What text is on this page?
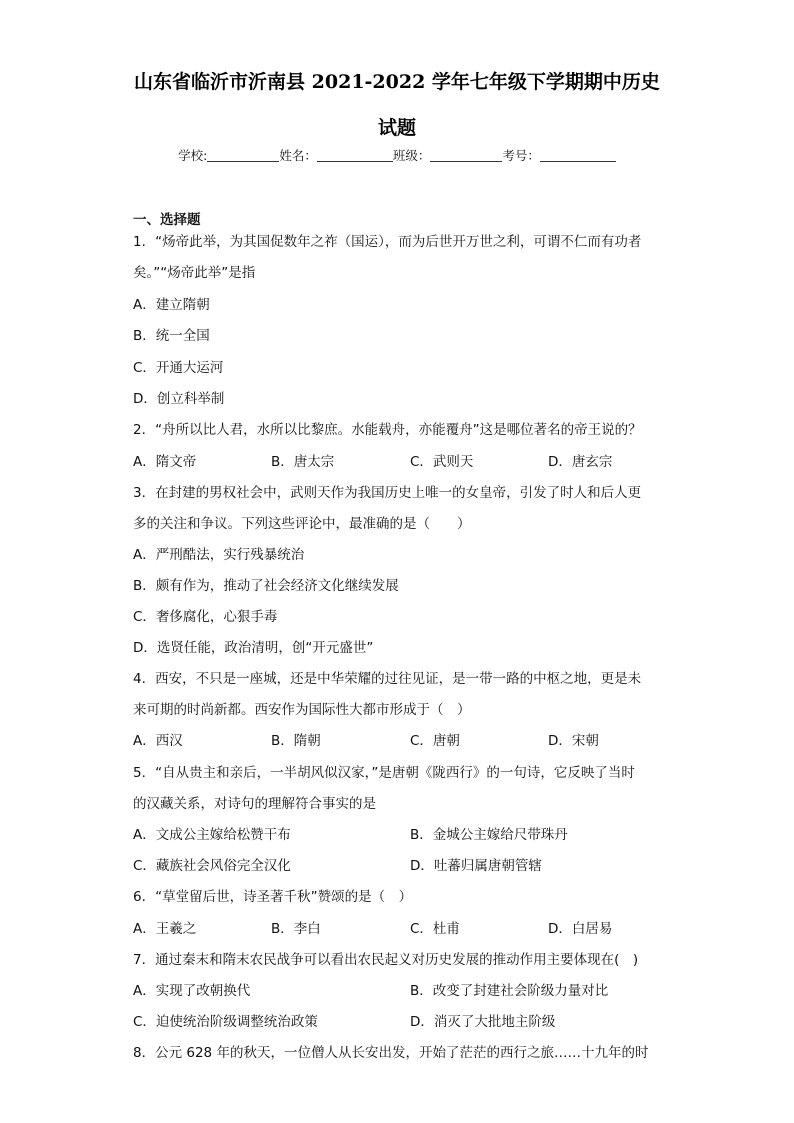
山东省临沂市沂南县 2021-2022 学年七年级下学期期中历史
试题
学校:	姓名：	班级：	考号：
一、选择题
1．“炀帝此举，为其国促数年之祚（国运），而为后世开万世之利，可谓不仁而有功者
矣。”“炀帝此举”是指
A．建立隋朝
B．统一全国
C．开通大运河
D．创立科举制
2．“舟所以比人君，水所以比黎庶。水能载舟，亦能覆舟”这是哪位著名的帝王说的？
A．隋文帝	B．唐太宗	C．武则天	D．唐玄宗
3．在封建的男权社会中，武则天作为我国历史上唯一的女皇帝，引发了时人和后人更
多的关注和争议。下列这些评论中，最准确的是（　　）
A．严刑酷法，实行残暴统治
B．颇有作为，推动了社会经济文化继续发展
C．奢侈腐化，心狠手毒
D．选贤任能，政治清明，创“开元盛世”
4．西安，不只是一座城，还是中华荣耀的过往见证，是一带一路的中枢之地，更是未
来可期的时尚新都。西安作为国际性大都市形成于（　）
A．西汉	B．隋朝	C．唐朝	D．宋朝
5．“自从贵主和亲后，一半胡风似汉家，”是唐朝《陇西行》的一句诗，它反映了当时
的汉藏关系，对诗句的理解符合事实的是
A．文成公主嫁给松赞干布	B．金城公主嫁给尺带珠丹
C．藏族社会风俗完全汉化	D．吐蕃归属唐朝管辖
6．“草堂留后世，诗圣著千秋”赞颂的是（　）
A．王羲之	B．李白	C．杜甫	D．白居易
7．通过秦末和隋末农民战争可以看出农民起义对历史发展的推动作用主要体现在(　)
A．实现了改朝换代	B．改变了封建社会阶级力量对比
C．迫使统治阶级调整统治政策	D．消灭了大批地主阶级
8．公元 628 年的秋天，一位僧人从长安出发，开始了茫茫的西行之旅……十九年的时
